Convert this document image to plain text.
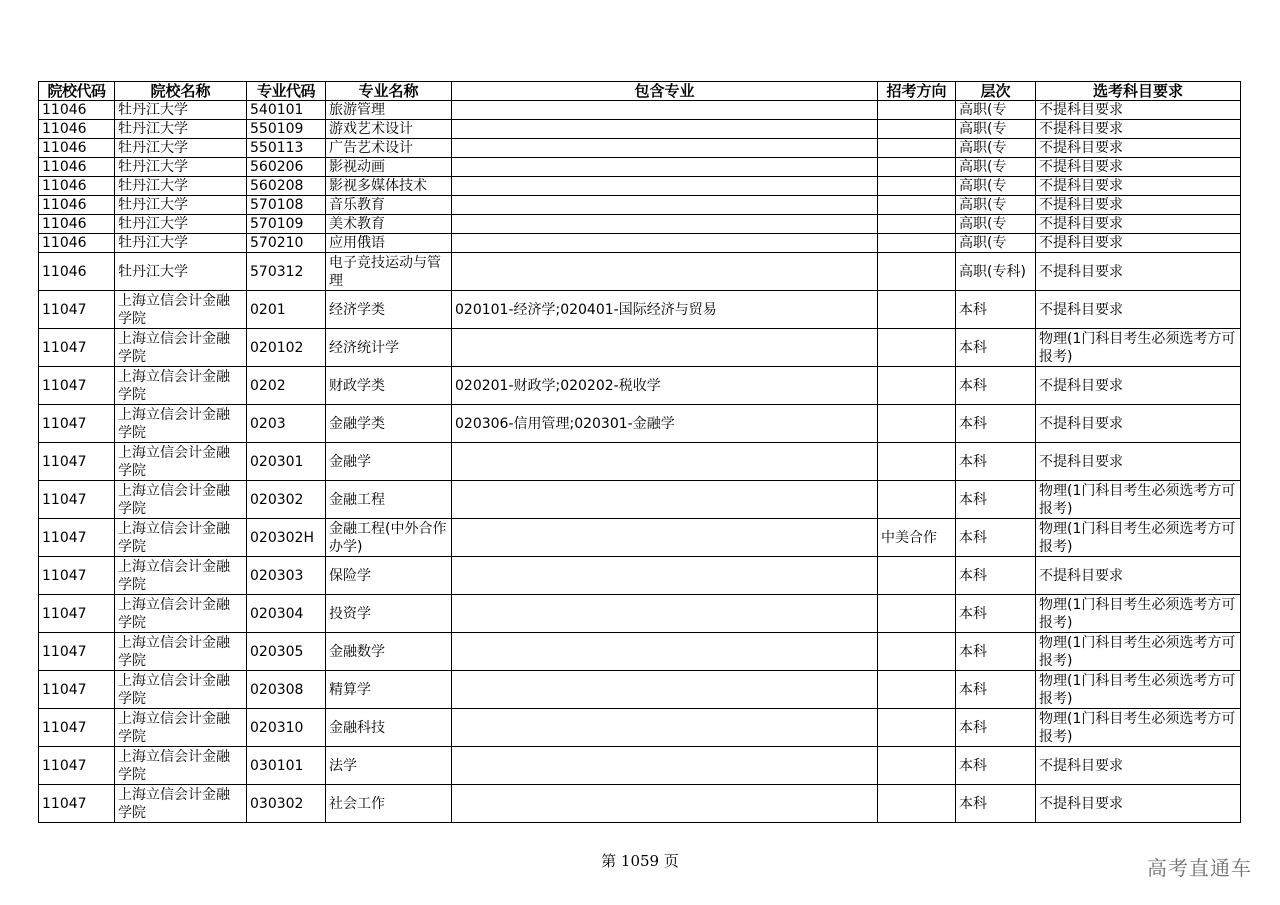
院校代码	院校名称	专业代码	专业名称	包含专业	招考方向	层次	选考科目要求
11046	牡丹江大学	540101	旅游管理			高职(专	不提科目要求
11046	牡丹江大学	550109	游戏艺术设计			高职(专	不提科目要求
11046	牡丹江大学	550113	广告艺术设计			高职(专	不提科目要求
11046	牡丹江大学	560206	影视动画			高职(专	不提科目要求
11046	牡丹江大学	560208	影视多媒体技术			高职(专	不提科目要求
11046	牡丹江大学	570108	音乐教育			高职(专	不提科目要求
11046	牡丹江大学	570109	美术教育			高职(专	不提科目要求
11046	牡丹江大学	570210	应用俄语			高职(专	不提科目要求
11046	牡丹江大学	570312	电子竞技运动与管理			高职(专科)	不提科目要求
11047	上海立信会计金融学院	0201	经济学类	020101-经济学;020401-国际经济与贸易		本科	不提科目要求
11047	上海立信会计金融学院	020102	经济统计学			本科	物理(1门科目考生必须选考方可报考)
11047	上海立信会计金融学院	0202	财政学类	020201-财政学;020202-税收学		本科	不提科目要求
11047	上海立信会计金融学院	0203	金融学类	020306-信用管理;020301-金融学		本科	不提科目要求
11047	上海立信会计金融学院	020301	金融学			本科	不提科目要求
11047	上海立信会计金融学院	020302	金融工程			本科	物理(1门科目考生必须选考方可报考)
11047	上海立信会计金融学院	020302H	金融工程(中外合作办学)		中美合作	本科	物理(1门科目考生必须选考方可报考)
11047	上海立信会计金融学院	020303	保险学			本科	不提科目要求
11047	上海立信会计金融学院	020304	投资学			本科	物理(1门科目考生必须选考方可报考)
11047	上海立信会计金融学院	020305	金融数学			本科	物理(1门科目考生必须选考方可报考)
11047	上海立信会计金融学院	020308	精算学			本科	物理(1门科目考生必须选考方可报考)
11047	上海立信会计金融学院	020310	金融科技			本科	物理(1门科目考生必须选考方可报考)
11047	上海立信会计金融学院	030101	法学			本科	不提科目要求
11047	上海立信会计金融学院	030302	社会工作			本科	不提科目要求
第 1059 页	高考直通车
